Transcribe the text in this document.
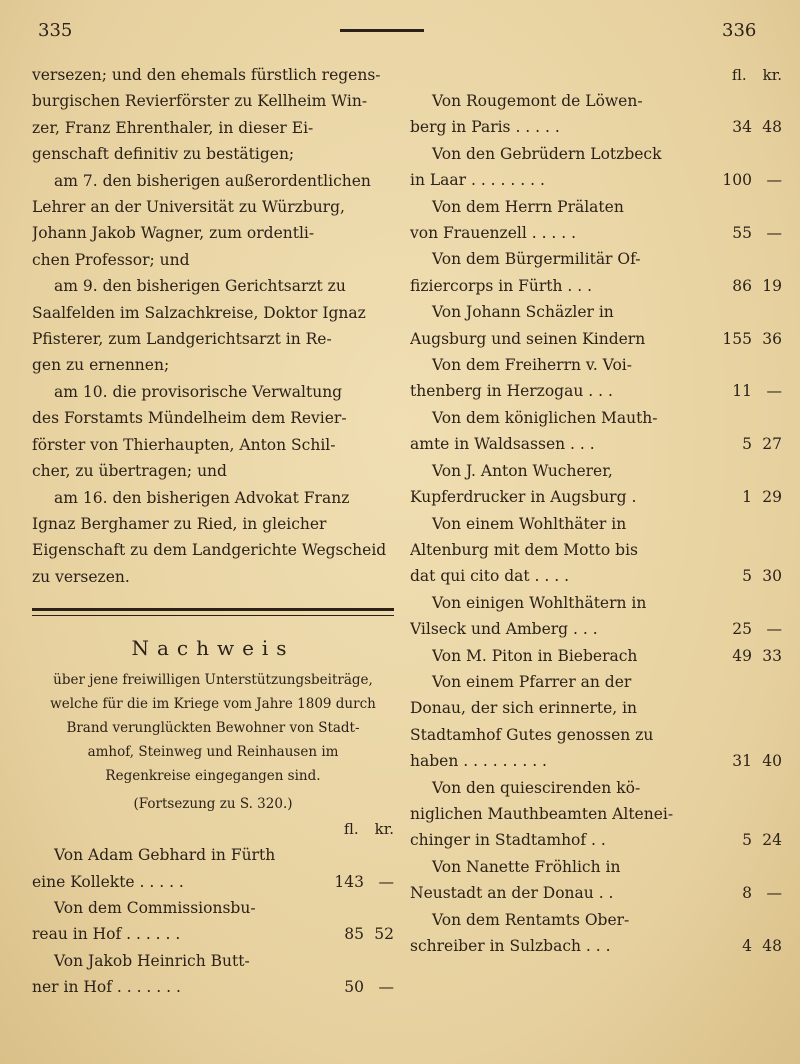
335	336
versezen; und den ehemals fürstlich regens-
burgischen Revierförster zu Kellheim Win-
zer, Franz Ehrenthaler, in dieser Ei-
genschaft definitiv zu bestätigen;
am 7. den bisherigen außerordentlichen
Lehrer an der Universität zu Würzburg,
Johann Jakob Wagner, zum ordentli-
chen Professor; und
am 9. den bisherigen Gerichtsarzt zu
Saalfelden im Salzachkreise, Doktor Ignaz
Pfisterer, zum Landgerichtsarzt in Re-
gen zu ernennen;
am 10. die provisorische Verwaltung
des Forstamts Mündelheim dem Revier-
förster von Thierhaupten, Anton Schil-
cher, zu übertragen; und
am 16. den bisherigen Advokat Franz
Ignaz Berghamer zu Ried, in gleicher
Eigenschaft zu dem Landgerichte Wegscheid
zu versezen.
Nachweis
über jene freiwilligen Unterstützungsbeiträge,
welche für die im Kriege vom Jahre 1809 durch
Brand verunglückten Bewohner von Stadt-
amhof, Steinweg und Reinhausen im
Regenkreise eingegangen sind.
(Fortsezung zu S. 320.)
fl. kr.
Von Adam Gebhard in Fürth
eine Kollekte . . . . .	143 —
Von dem Commissionsbu-
reau in Hof . . . . . .	85 52
Von Jakob Heinrich Butt-
ner in Hof . . . . . . .	50 —
fl. kr.
Von Rougemont de Löwen-
berg in Paris . . . . .	34 48
Von den Gebrüdern Lotzbeck
in Laar . . . . . . . .	100 —
Von dem Herrn Prälaten
von Frauenzell . . . . .	55 —
Von dem Bürgermilitär Of-
fiziercorps in Fürth . . .	86 19
Von Johann Schäzler in
Augsburg und seinen Kindern	155 36
Von dem Freiherrn v. Voi-
thenberg in Herzogau . . .	11 —
Von dem königlichen Mauth-
amte in Waldsassen . . .	5 27
Von J. Anton Wucherer,
Kupferdrucker in Augsburg .	1 29
Von einem Wohlthäter in
Altenburg mit dem Motto bis
dat qui cito dat . . . .	5 30
Von einigen Wohlthätern in
Vilseck und Amberg . . .	25 —
Von M. Piton in Bieberach	49 33
Von einem Pfarrer an der
Donau, der sich erinnerte, in
Stadtamhof Gutes genossen zu
haben . . . . . . . . .	31 40
Von den quiescirenden kö-
niglichen Mauthbeamten Altenei-
chinger in Stadtamhof . .	5 24
Von Nanette Fröhlich in
Neustadt an der Donau . .	8 —
Von dem Rentamts Ober-
schreiber in Sulzbach . . .	4 48
